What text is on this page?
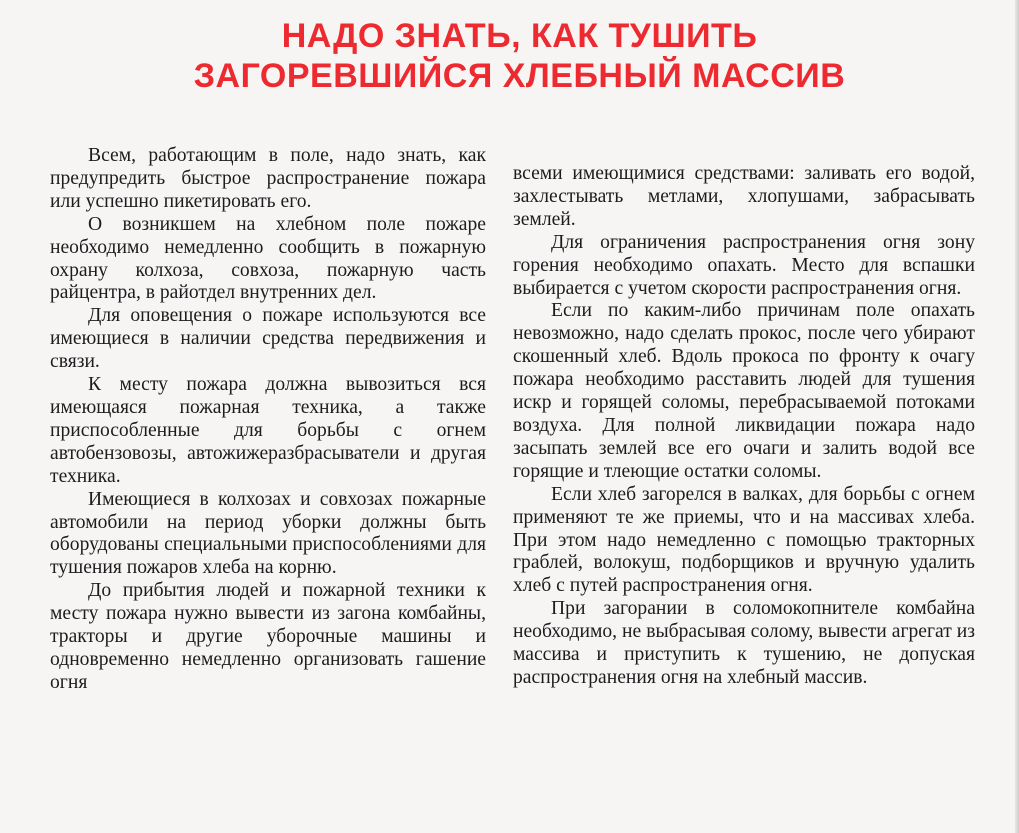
НАДО ЗНАТЬ, КАК ТУШИТЬ
ЗАГОРЕВШИЙСЯ ХЛЕБНЫЙ МАССИВ

Всем, работающим в поле, надо знать, как предупредить быстрое распространение пожара или успешно пикетировать его.

О возникшем на хлебном поле пожаре необходимо немедленно сообщить в пожарную охрану колхоза, совхоза, пожарную часть райцентра, в райотдел внутренних дел.

Для оповещения о пожаре используются все имеющиеся в наличии средства передвижения и связи.

К месту пожара должна вывозиться вся имеющаяся пожарная техника, а также приспособленные для борьбы с огнем автобензовозы, автожижеразбрасыватели и другая техника.

Имеющиеся в колхозах и совхозах пожарные автомобили на период уборки должны быть оборудованы специальными приспособлениями для тушения пожаров хлеба на корню.

До прибытия людей и пожарной техники к месту пожара нужно вывести из загона комбайны, тракторы и другие уборочные машины и одновременно немедленно организовать гашение огня

всеми имеющимися средствами: заливать его водой, захлестывать метлами, хлопушами, забрасывать землей.

Для ограничения распространения огня зону горения необходимо опахать. Место для вспашки выбирается с учетом скорости распространения огня.

Если по каким-либо причинам поле опахать невозможно, надо сделать прокос, после чего убирают скошенный хлеб. Вдоль прокоса по фронту к очагу пожара необходимо расставить людей для тушения искр и горящей соломы, перебрасываемой потоками воздуха. Для полной ликвидации пожара надо засыпать землей все его очаги и залить водой все горящие и тлеющие остатки соломы.

Если хлеб загорелся в валках, для борьбы с огнем применяют те же приемы, что и на массивах хлеба. При этом надо немедленно с помощью тракторных граблей, волокуш, подборщиков и вручную удалить хлеб с путей распространения огня.

При загорании в соломокопнителе комбайна необходимо, не выбрасывая солому, вывести агрегат из массива и приступить к тушению, не допуская распространения огня на хлебный массив.
